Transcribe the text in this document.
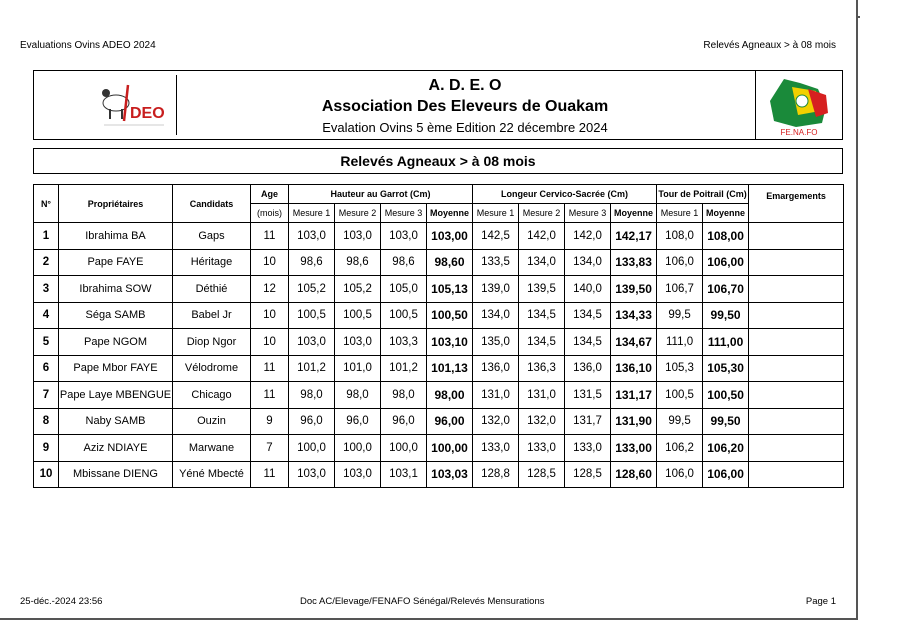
Evaluations Ovins ADEO 2024	Relevés Agneaux > à 08 mois
DEO
A. D. E. O
Association Des Eleveurs de Ouakam
Evalation Ovins 5 ème Edition 22 décembre 2024	FE.NA.FO
Relevés Agneaux > à 08 mois
N°	Propriétaires	Candidats	Age	Hauteur au Garrot (Cm)				Longeur Cervico-Sacrée (Cm)				Tour de Poitrail (Cm)		Emargements
			(mois)	Mesure 1	Mesure 2	Mesure 3	Moyenne	Mesure 1	Mesure 2	Mesure 3	Moyenne	Mesure 1	Moyenne	
1	Ibrahima BA	Gaps	11	103,0	103,0	103,0	103,00	142,5	142,0	142,0	142,17	108,0	108,00	
2	Pape FAYE	Héritage	10	98,6	98,6	98,6	98,60	133,5	134,0	134,0	133,83	106,0	106,00	
3	Ibrahima SOW	Déthié	12	105,2	105,2	105,0	105,13	139,0	139,5	140,0	139,50	106,7	106,70	
4	Séga SAMB	Babel Jr	10	100,5	100,5	100,5	100,50	134,0	134,5	134,5	134,33	99,5	99,50	
5	Pape NGOM	Diop Ngor	10	103,0	103,0	103,3	103,10	135,0	134,5	134,5	134,67	111,0	111,00	
6	Pape Mbor FAYE	Vélodrome	11	101,2	101,0	101,2	101,13	136,0	136,3	136,0	136,10	105,3	105,30	
7	Pape Laye MBENGUE	Chicago	11	98,0	98,0	98,0	98,00	131,0	131,0	131,5	131,17	100,5	100,50	
8	Naby SAMB	Ouzin	9	96,0	96,0	96,0	96,00	132,0	132,0	131,7	131,90	99,5	99,50	
9	Aziz NDIAYE	Marwane	7	100,0	100,0	100,0	100,00	133,0	133,0	133,0	133,00	106,2	106,20	
10	Mbissane DIENG	Yéné Mbecté	11	103,0	103,0	103,1	103,03	128,8	128,5	128,5	128,60	106,0	106,00	
25-déc.-2024 23:56	Doc AC/Elevage/FENAFO Sénégal/Relevés Mensurations	Page 1
